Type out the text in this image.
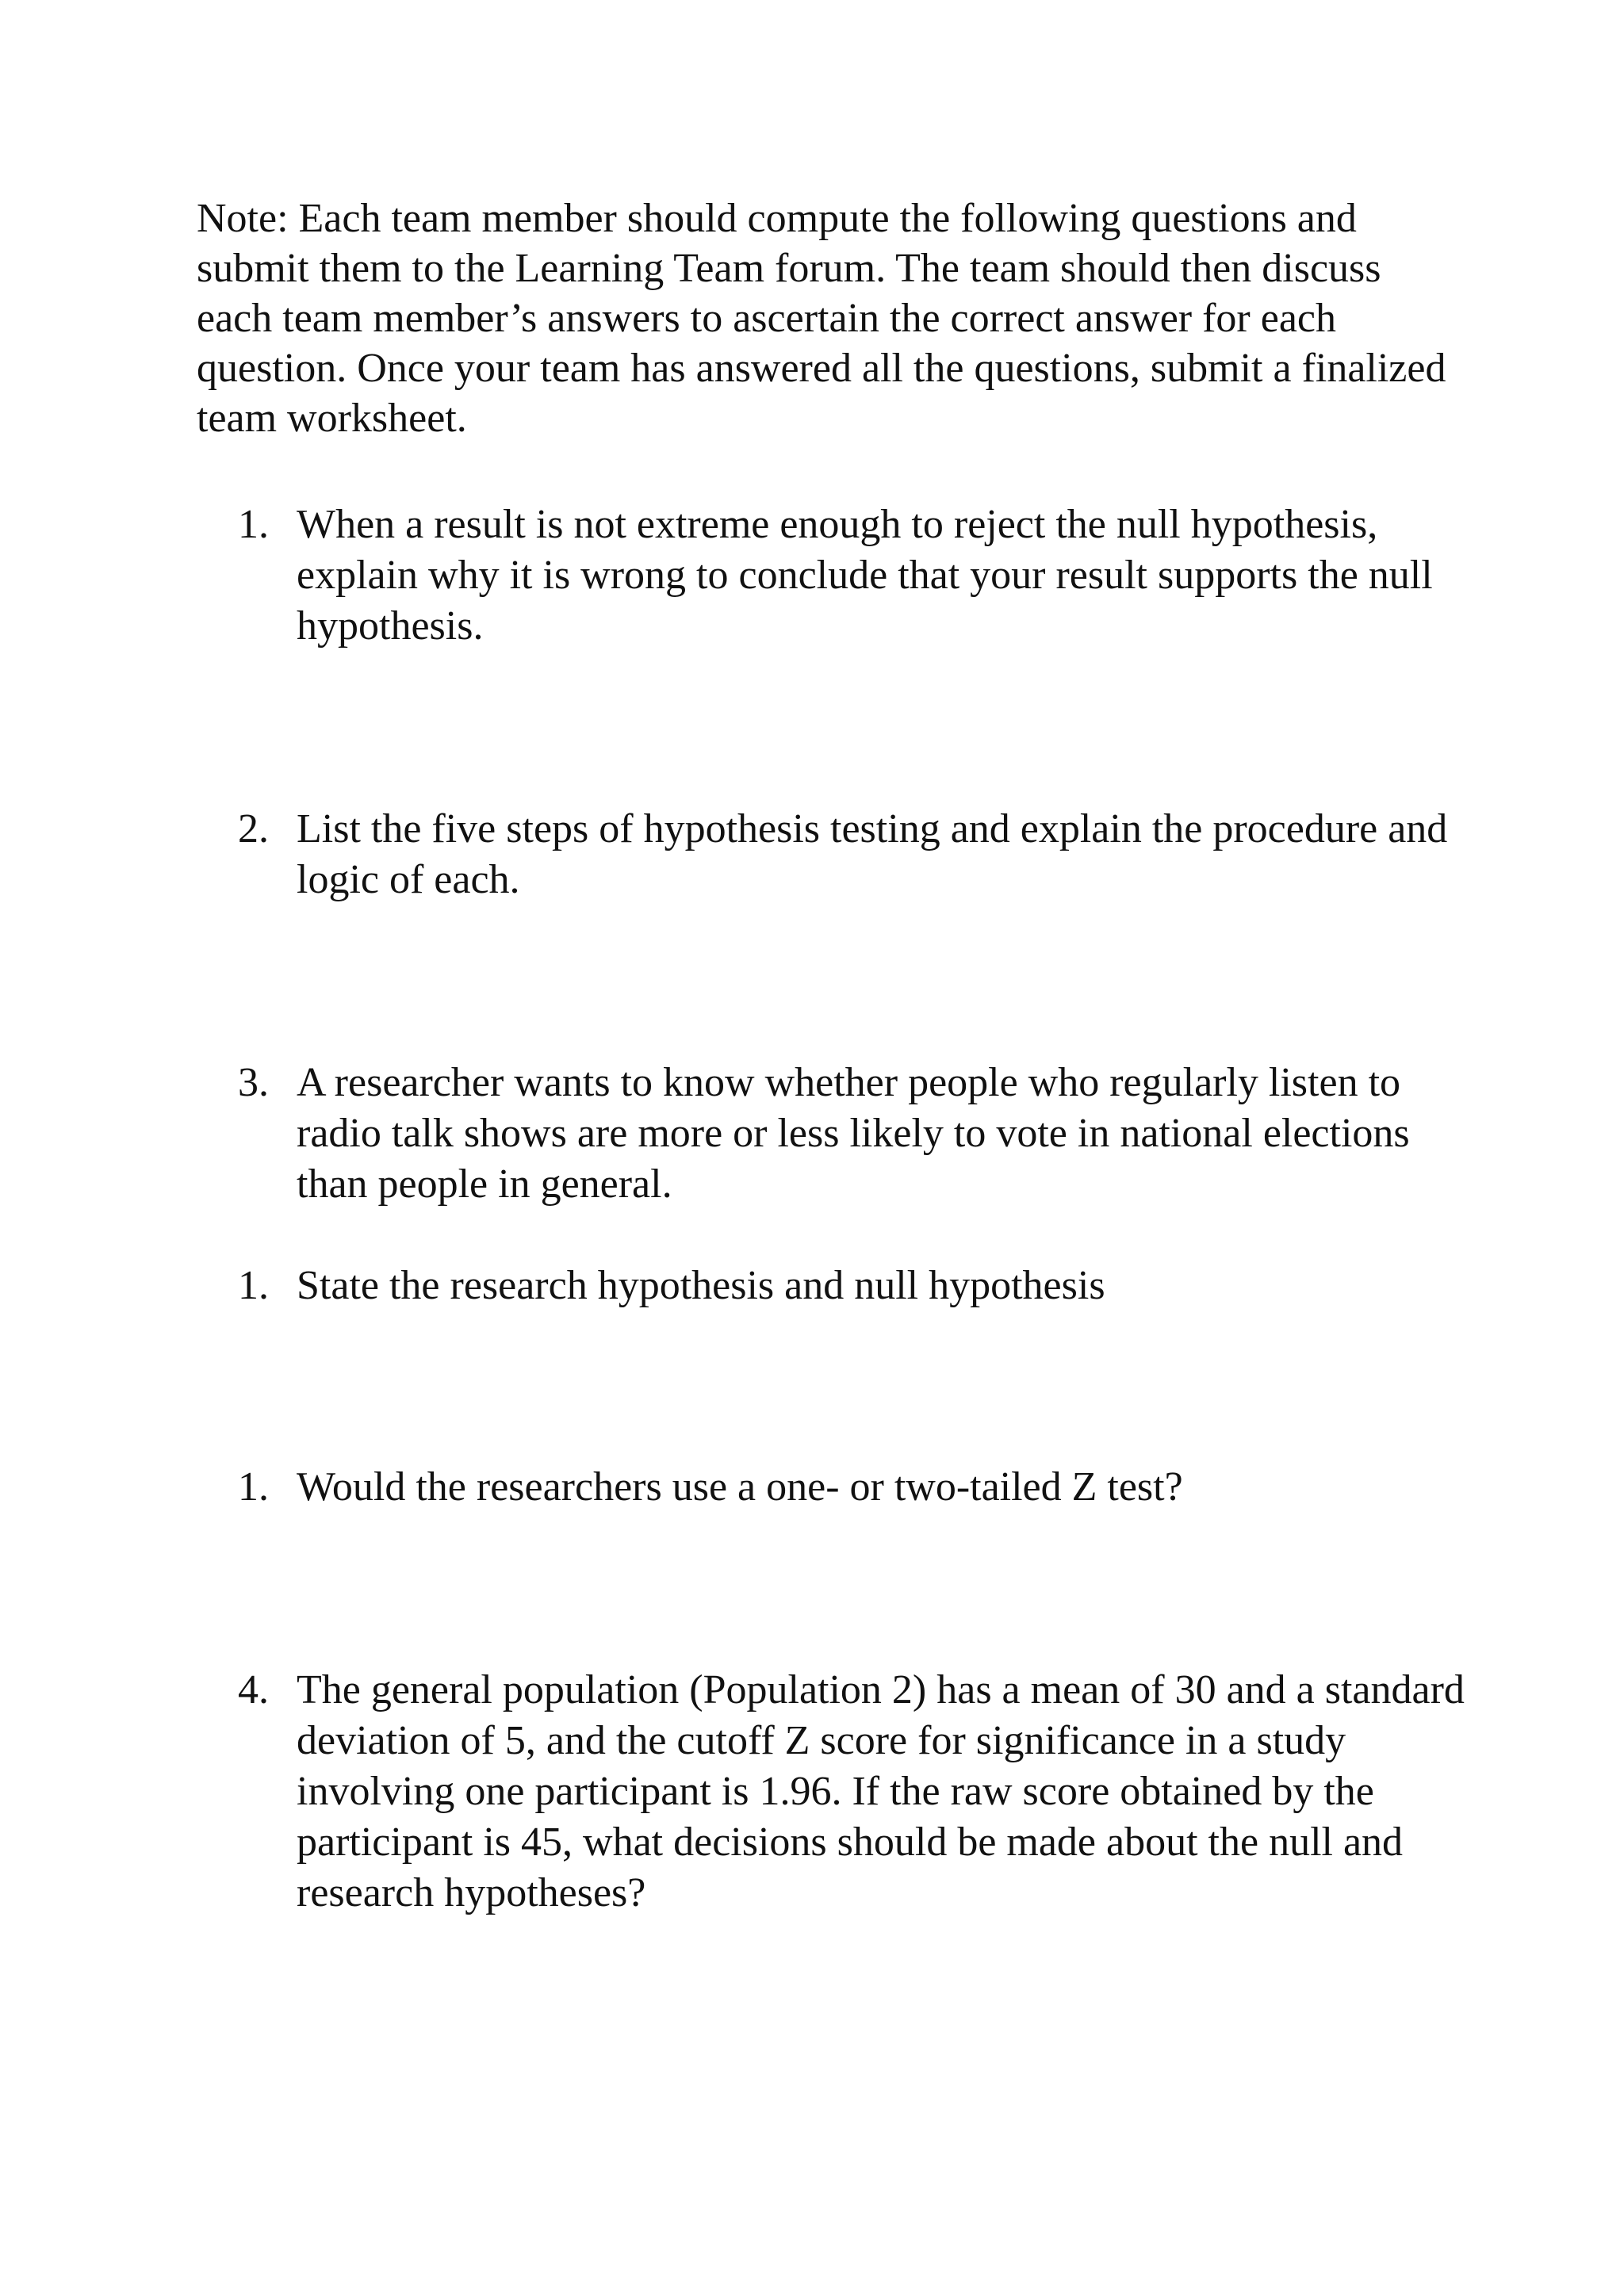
Note: Each team member should compute the following questions and submit them to the Learning Team forum. The team should then discuss each team member’s answers to ascertain the correct answer for each question. Once your team has answered all the questions, submit a finalized team worksheet.

1. When a result is not extreme enough to reject the null hypothesis, explain why it is wrong to conclude that your result supports the null hypothesis.
2. List the five steps of hypothesis testing and explain the procedure and logic of each.
3. A researcher wants to know whether people who regularly listen to radio talk shows are more or less likely to vote in national elections than people in general.
1. State the research hypothesis and null hypothesis
1. Would the researchers use a one- or two-tailed Z test?
4. The general population (Population 2) has a mean of 30 and a standard deviation of 5, and the cutoff Z score for significance in a study involving one participant is 1.96. If the raw score obtained by the participant is 45, what decisions should be made about the null and research hypotheses?
